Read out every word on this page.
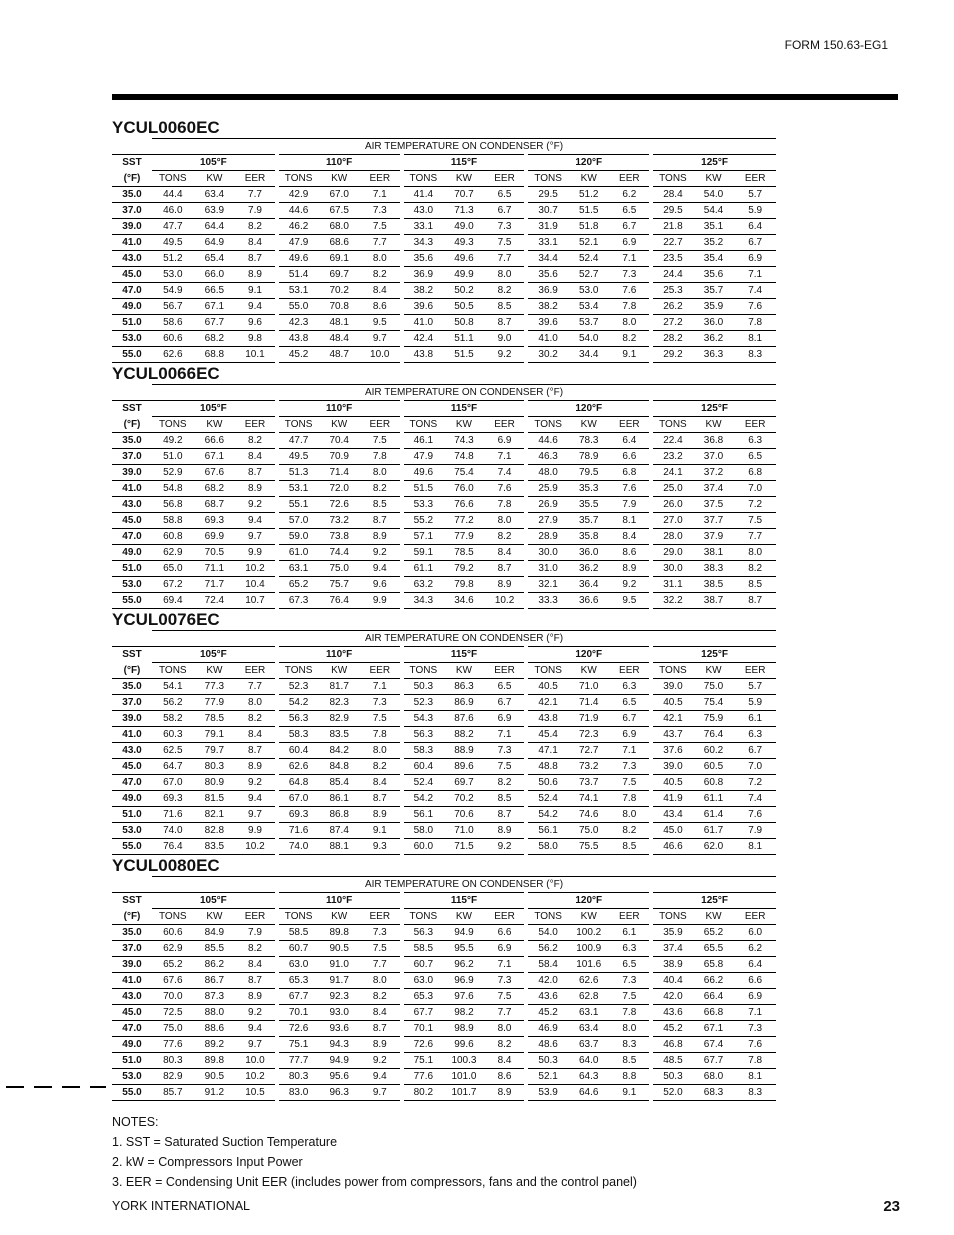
FORM 150.63-EG1
YCUL0060EC
	AIR TEMPERATURE ON CONDENSER (°F)														
SST	105°F			110°F			115°F			120°F			125°F		
(°F)	TONS	KW	EER	TONS	KW	EER	TONS	KW	EER	TONS	KW	EER	TONS	KW	EER
35.0	44.4	63.4	7.7	42.9	67.0	7.1	41.4	70.7	6.5	29.5	51.2	6.2	28.4	54.0	5.7
37.0	46.0	63.9	7.9	44.6	67.5	7.3	43.0	71.3	6.7	30.7	51.5	6.5	29.5	54.4	5.9
39.0	47.7	64.4	8.2	46.2	68.0	7.5	33.1	49.0	7.3	31.9	51.8	6.7	21.8	35.1	6.4
41.0	49.5	64.9	8.4	47.9	68.6	7.7	34.3	49.3	7.5	33.1	52.1	6.9	22.7	35.2	6.7
43.0	51.2	65.4	8.7	49.6	69.1	8.0	35.6	49.6	7.7	34.4	52.4	7.1	23.5	35.4	6.9
45.0	53.0	66.0	8.9	51.4	69.7	8.2	36.9	49.9	8.0	35.6	52.7	7.3	24.4	35.6	7.1
47.0	54.9	66.5	9.1	53.1	70.2	8.4	38.2	50.2	8.2	36.9	53.0	7.6	25.3	35.7	7.4
49.0	56.7	67.1	9.4	55.0	70.8	8.6	39.6	50.5	8.5	38.2	53.4	7.8	26.2	35.9	7.6
51.0	58.6	67.7	9.6	42.3	48.1	9.5	41.0	50.8	8.7	39.6	53.7	8.0	27.2	36.0	7.8
53.0	60.6	68.2	9.8	43.8	48.4	9.7	42.4	51.1	9.0	41.0	54.0	8.2	28.2	36.2	8.1
55.0	62.6	68.8	10.1	45.2	48.7	10.0	43.8	51.5	9.2	30.2	34.4	9.1	29.2	36.3	8.3
YCUL0066EC
	AIR TEMPERATURE ON CONDENSER (°F)														
SST	105°F			110°F			115°F			120°F			125°F		
(°F)	TONS	KW	EER	TONS	KW	EER	TONS	KW	EER	TONS	KW	EER	TONS	KW	EER
35.0	49.2	66.6	8.2	47.7	70.4	7.5	46.1	74.3	6.9	44.6	78.3	6.4	22.4	36.8	6.3
37.0	51.0	67.1	8.4	49.5	70.9	7.8	47.9	74.8	7.1	46.3	78.9	6.6	23.2	37.0	6.5
39.0	52.9	67.6	8.7	51.3	71.4	8.0	49.6	75.4	7.4	48.0	79.5	6.8	24.1	37.2	6.8
41.0	54.8	68.2	8.9	53.1	72.0	8.2	51.5	76.0	7.6	25.9	35.3	7.6	25.0	37.4	7.0
43.0	56.8	68.7	9.2	55.1	72.6	8.5	53.3	76.6	7.8	26.9	35.5	7.9	26.0	37.5	7.2
45.0	58.8	69.3	9.4	57.0	73.2	8.7	55.2	77.2	8.0	27.9	35.7	8.1	27.0	37.7	7.5
47.0	60.8	69.9	9.7	59.0	73.8	8.9	57.1	77.9	8.2	28.9	35.8	8.4	28.0	37.9	7.7
49.0	62.9	70.5	9.9	61.0	74.4	9.2	59.1	78.5	8.4	30.0	36.0	8.6	29.0	38.1	8.0
51.0	65.0	71.1	10.2	63.1	75.0	9.4	61.1	79.2	8.7	31.0	36.2	8.9	30.0	38.3	8.2
53.0	67.2	71.7	10.4	65.2	75.7	9.6	63.2	79.8	8.9	32.1	36.4	9.2	31.1	38.5	8.5
55.0	69.4	72.4	10.7	67.3	76.4	9.9	34.3	34.6	10.2	33.3	36.6	9.5	32.2	38.7	8.7
YCUL0076EC
	AIR TEMPERATURE ON CONDENSER (°F)														
SST	105°F			110°F			115°F			120°F			125°F		
(°F)	TONS	KW	EER	TONS	KW	EER	TONS	KW	EER	TONS	KW	EER	TONS	KW	EER
35.0	54.1	77.3	7.7	52.3	81.7	7.1	50.3	86.3	6.5	40.5	71.0	6.3	39.0	75.0	5.7
37.0	56.2	77.9	8.0	54.2	82.3	7.3	52.3	86.9	6.7	42.1	71.4	6.5	40.5	75.4	5.9
39.0	58.2	78.5	8.2	56.3	82.9	7.5	54.3	87.6	6.9	43.8	71.9	6.7	42.1	75.9	6.1
41.0	60.3	79.1	8.4	58.3	83.5	7.8	56.3	88.2	7.1	45.4	72.3	6.9	43.7	76.4	6.3
43.0	62.5	79.7	8.7	60.4	84.2	8.0	58.3	88.9	7.3	47.1	72.7	7.1	37.6	60.2	6.7
45.0	64.7	80.3	8.9	62.6	84.8	8.2	60.4	89.6	7.5	48.8	73.2	7.3	39.0	60.5	7.0
47.0	67.0	80.9	9.2	64.8	85.4	8.4	52.4	69.7	8.2	50.6	73.7	7.5	40.5	60.8	7.2
49.0	69.3	81.5	9.4	67.0	86.1	8.7	54.2	70.2	8.5	52.4	74.1	7.8	41.9	61.1	7.4
51.0	71.6	82.1	9.7	69.3	86.8	8.9	56.1	70.6	8.7	54.2	74.6	8.0	43.4	61.4	7.6
53.0	74.0	82.8	9.9	71.6	87.4	9.1	58.0	71.0	8.9	56.1	75.0	8.2	45.0	61.7	7.9
55.0	76.4	83.5	10.2	74.0	88.1	9.3	60.0	71.5	9.2	58.0	75.5	8.5	46.6	62.0	8.1
YCUL0080EC
	AIR TEMPERATURE ON CONDENSER (°F)														
SST	105°F			110°F			115°F			120°F			125°F		
(°F)	TONS	KW	EER	TONS	KW	EER	TONS	KW	EER	TONS	KW	EER	TONS	KW	EER
35.0	60.6	84.9	7.9	58.5	89.8	7.3	56.3	94.9	6.6	54.0	100.2	6.1	35.9	65.2	6.0
37.0	62.9	85.5	8.2	60.7	90.5	7.5	58.5	95.5	6.9	56.2	100.9	6.3	37.4	65.5	6.2
39.0	65.2	86.2	8.4	63.0	91.0	7.7	60.7	96.2	7.1	58.4	101.6	6.5	38.9	65.8	6.4
41.0	67.6	86.7	8.7	65.3	91.7	8.0	63.0	96.9	7.3	42.0	62.6	7.3	40.4	66.2	6.6
43.0	70.0	87.3	8.9	67.7	92.3	8.2	65.3	97.6	7.5	43.6	62.8	7.5	42.0	66.4	6.9
45.0	72.5	88.0	9.2	70.1	93.0	8.4	67.7	98.2	7.7	45.2	63.1	7.8	43.6	66.8	7.1
47.0	75.0	88.6	9.4	72.6	93.6	8.7	70.1	98.9	8.0	46.9	63.4	8.0	45.2	67.1	7.3
49.0	77.6	89.2	9.7	75.1	94.3	8.9	72.6	99.6	8.2	48.6	63.7	8.3	46.8	67.4	7.6
51.0	80.3	89.8	10.0	77.7	94.9	9.2	75.1	100.3	8.4	50.3	64.0	8.5	48.5	67.7	7.8
53.0	82.9	90.5	10.2	80.3	95.6	9.4	77.6	101.0	8.6	52.1	64.3	8.8	50.3	68.0	8.1
55.0	85.7	91.2	10.5	83.0	96.3	9.7	80.2	101.7	8.9	53.9	64.6	9.1	52.0	68.3	8.3
NOTES:
1. SST = Saturated Suction Temperature
2. kW = Compressors Input Power
3. EER = Condensing Unit EER (includes power from compressors, fans and the control panel)
YORK INTERNATIONAL	23
